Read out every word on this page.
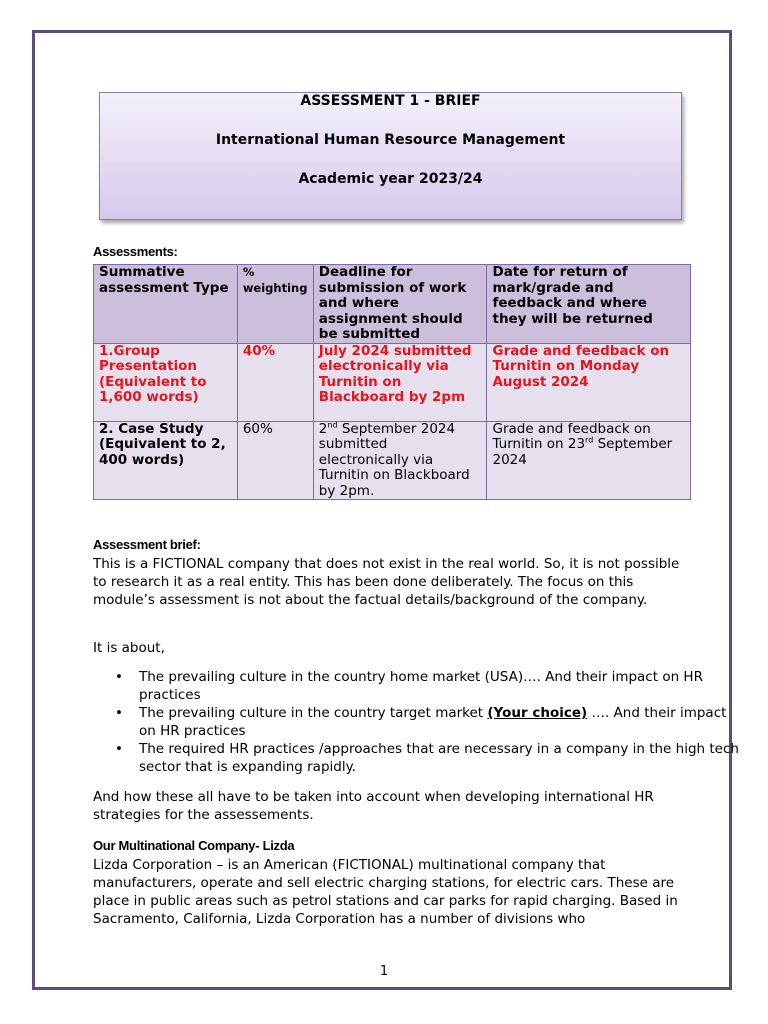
ASSESSMENT 1 - BRIEF
International Human Resource Management
Academic year 2023/24
Assessments:
Summative assessment Type	% weighting	Deadline for submission of work and where assignment should be submitted	Date for return of mark/grade and feedback and where they will be returned
1.Group Presentation (Equivalent to 1,600 words)	40%	July 2024 submitted electronically via Turnitin on Blackboard by 2pm	Grade and feedback on Turnitin on Monday August 2024
2. Case Study (Equivalent to 2, 400 words)	60%	2nd September 2024 submitted electronically via Turnitin on Blackboard by 2pm.	Grade and feedback on Turnitin on 23rd September 2024
Assessment brief:
This is a FICTIONAL company that does not exist in the real world. So, it is not possible to research it as a real entity. This has been done deliberately. The focus on this module’s assessment is not about the factual details/background of the company.
It is about,
• The prevailing culture in the country home market (USA)…. And their impact on HR practices
• The prevailing culture in the country target market (Your choice) …. And their impact on HR practices
• The required HR practices /approaches that are necessary in a company in the high tech sector that is expanding rapidly.
And how these all have to be taken into account when developing international HR strategies for the assessements.
Our Multinational Company- Lizda
Lizda Corporation – is an American (FICTIONAL) multinational company that manufacturers, operate and sell electric charging stations, for electric cars. These are place in public areas such as petrol stations and car parks for rapid charging. Based in Sacramento, California, Lizda Corporation has a number of divisions who
1
